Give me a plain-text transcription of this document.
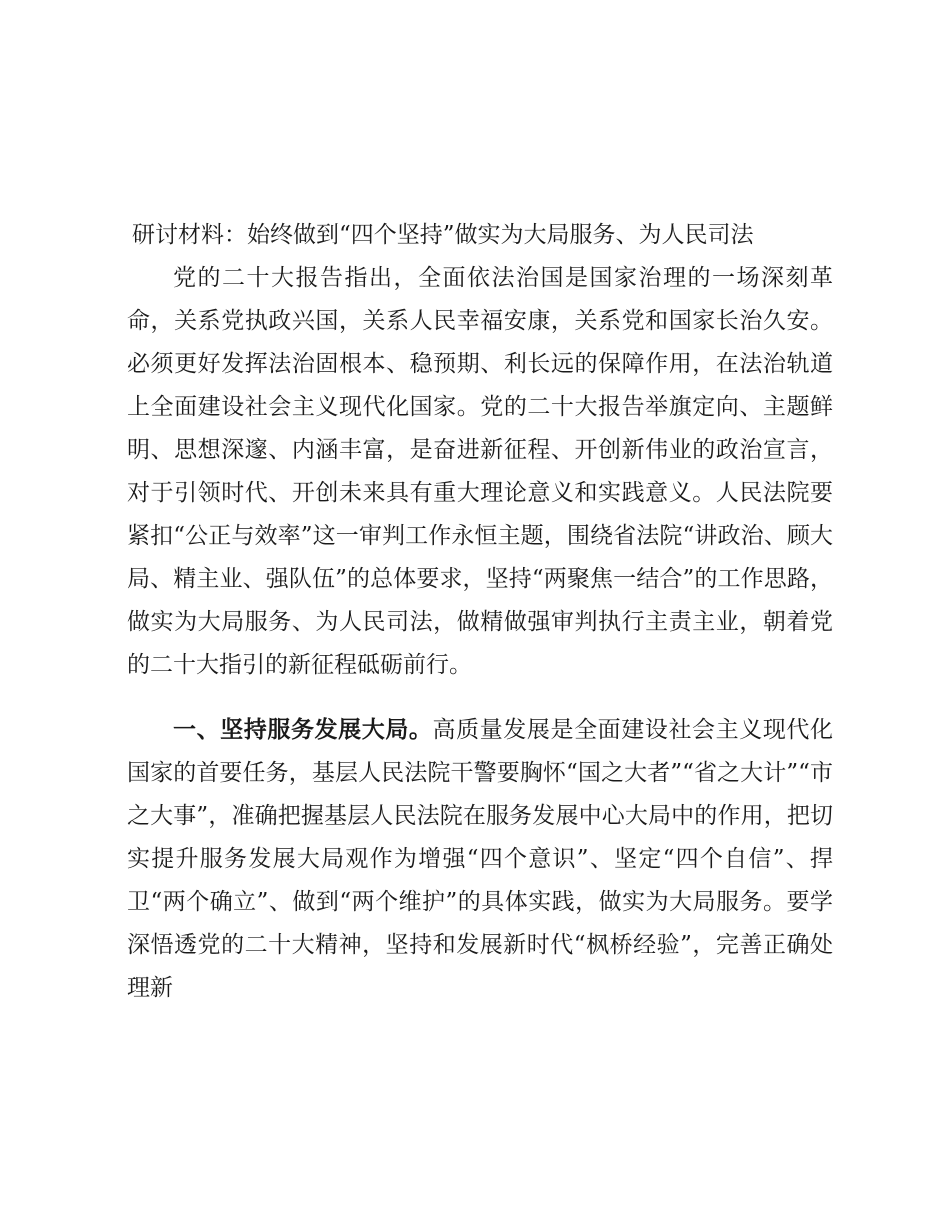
研讨材料：始终做到“四个坚持”做实为大局服务、为人民司法

党的二十大报告指出，全面依法治国是国家治理的一场深刻革命，关系党执政兴国，关系人民幸福安康，关系党和国家长治久安。必须更好发挥法治固根本、稳预期、利长远的保障作用，在法治轨道上全面建设社会主义现代化国家。党的二十大报告举旗定向、主题鲜明、思想深邃、内涵丰富，是奋进新征程、开创新伟业的政治宣言，对于引领时代、开创未来具有重大理论意义和实践意义。人民法院要紧扣“公正与效率”这一审判工作永恒主题，围绕省法院“讲政治、顾大局、精主业、强队伍”的总体要求，坚持“两聚焦一结合”的工作思路，做实为大局服务、为人民司法，做精做强审判执行主责主业，朝着党的二十大指引的新征程砥砺前行。

一、坚持服务发展大局。高质量发展是全面建设社会主义现代化国家的首要任务，基层人民法院干警要胸怀“国之大者”“省之大计”“市之大事”，准确把握基层人民法院在服务发展中心大局中的作用，把切实提升服务发展大局观作为增强“四个意识”、坚定“四个自信”、捍卫“两个确立”、做到“两个维护”的具体实践，做实为大局服务。要学深悟透党的二十大精神，坚持和发展新时代“枫桥经验”，完善正确处理新
